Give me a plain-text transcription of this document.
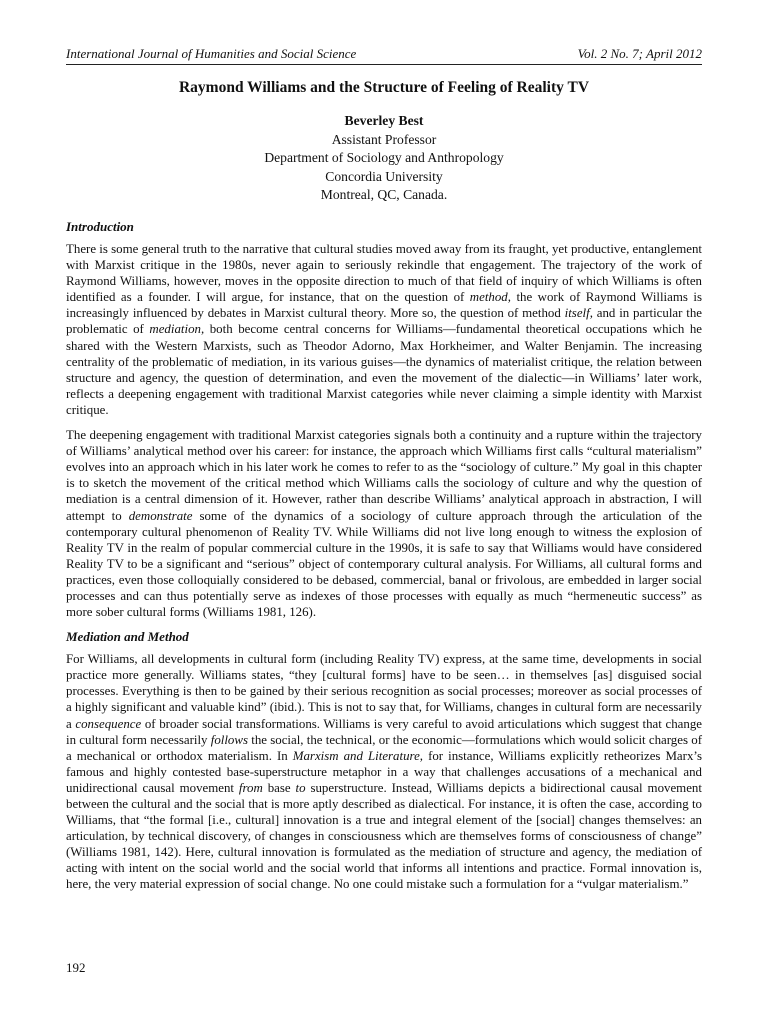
International Journal of Humanities and Social Science	Vol. 2 No. 7; April 2012
Raymond Williams and the Structure of Feeling of Reality TV
Beverley Best
Assistant Professor
Department of Sociology and Anthropology
Concordia University
Montreal, QC, Canada.
Introduction

There is some general truth to the narrative that cultural studies moved away from its fraught, yet productive, entanglement with Marxist critique in the 1980s, never again to seriously rekindle that engagement. The trajectory of the work of Raymond Williams, however, moves in the opposite direction to much of that field of inquiry of which Williams is often identified as a founder. I will argue, for instance, that on the question of method, the work of Raymond Williams is increasingly influenced by debates in Marxist cultural theory. More so, the question of method itself, and in particular the problematic of mediation, both become central concerns for Williams—fundamental theoretical occupations which he shared with the Western Marxists, such as Theodor Adorno, Max Horkheimer, and Walter Benjamin. The increasing centrality of the problematic of mediation, in its various guises—the dynamics of materialist critique, the relation between structure and agency, the question of determination, and even the movement of the dialectic—in Williams’ later work, reflects a deepening engagement with traditional Marxist categories while never claiming a simple identity with Marxist critique.

The deepening engagement with traditional Marxist categories signals both a continuity and a rupture within the trajectory of Williams’ analytical method over his career: for instance, the approach which Williams first calls “cultural materialism” evolves into an approach which in his later work he comes to refer to as the “sociology of culture.” My goal in this chapter is to sketch the movement of the critical method which Williams calls the sociology of culture and why the question of mediation is a central dimension of it. However, rather than describe Williams’ analytical approach in abstraction, I will attempt to demonstrate some of the dynamics of a sociology of culture approach through the articulation of the contemporary cultural phenomenon of Reality TV. While Williams did not live long enough to witness the explosion of Reality TV in the realm of popular commercial culture in the 1990s, it is safe to say that Williams would have considered Reality TV to be a significant and “serious” object of contemporary cultural analysis. For Williams, all cultural forms and practices, even those colloquially considered to be debased, commercial, banal or frivolous, are embedded in larger social processes and can thus potentially serve as indexes of those processes with equally as much “hermeneutic success” as more sober cultural forms (Williams 1981, 126).

Mediation and Method

For Williams, all developments in cultural form (including Reality TV) express, at the same time, developments in social practice more generally. Williams states, “they [cultural forms] have to be seen… in themselves [as] disguised social processes. Everything is then to be gained by their serious recognition as social processes; moreover as social processes of a highly significant and valuable kind” (ibid.). This is not to say that, for Williams, changes in cultural form are necessarily a consequence of broader social transformations. Williams is very careful to avoid articulations which suggest that change in cultural form necessarily follows the social, the technical, or the economic—formulations which would solicit charges of a mechanical or orthodox materialism. In Marxism and Literature, for instance, Williams explicitly retheorizes Marx’s famous and highly contested base-superstructure metaphor in a way that challenges accusations of a mechanical and unidirectional causal movement from base to superstructure. Instead, Williams depicts a bidirectional causal movement between the cultural and the social that is more aptly described as dialectical. For instance, it is often the case, according to Williams, that “the formal [i.e., cultural] innovation is a true and integral element of the [social] changes themselves: an articulation, by technical discovery, of changes in consciousness which are themselves forms of consciousness of change” (Williams 1981, 142). Here, cultural innovation is formulated as the mediation of structure and agency, the mediation of acting with intent on the social world and the social world that informs all intentions and practice. Formal innovation is, here, the very material expression of social change. No one could mistake such a formulation for a “vulgar materialism.”

192
